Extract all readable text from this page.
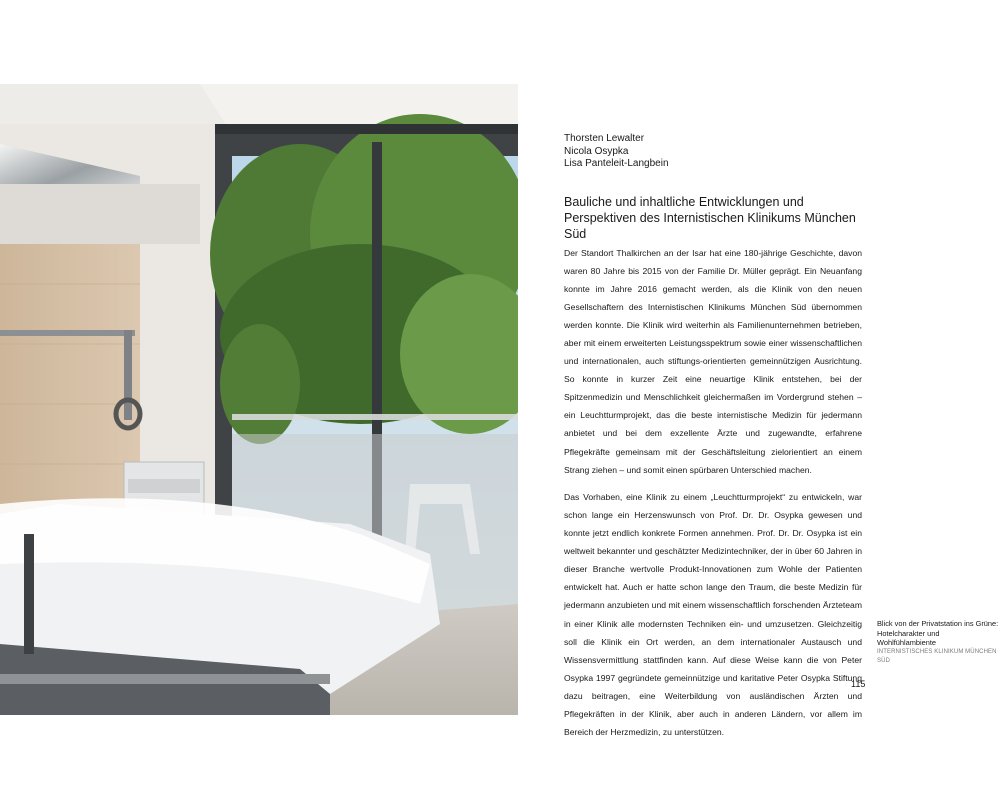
Thorsten Lewalter
Nicola Osypka
Lisa Panteleit-Langbein
Bauliche und inhaltliche Entwicklungen und Perspektiven des Internistischen Klinikums München Süd

Der Standort Thalkirchen an der Isar hat eine 180-jährige Geschichte, davon waren 80 Jahre bis 2015 von der Familie Dr. Müller geprägt. Ein Neuanfang konnte im Jahre 2016 gemacht werden, als die Klinik von den neuen Gesellschaftern des Internistischen Klinikums München Süd übernommen werden konnte. Die Klinik wird weiterhin als Familienunternehmen betrieben, aber mit einem erweiterten Leistungsspektrum sowie einer wissenschaftlichen und internationalen, auch stiftungs-orientierten gemeinnützigen Ausrichtung. So konnte in kurzer Zeit eine neuartige Klinik entstehen, bei der Spitzenmedizin und Menschlichkeit gleichermaßen im Vordergrund stehen – ein Leuchtturmprojekt, das die beste internistische Medizin für jedermann anbietet und bei dem exzellente Ärzte und zugewandte, erfahrene Pflegekräfte gemeinsam mit der Geschäftsleitung zielorientiert an einem Strang ziehen – und somit einen spürbaren Unterschied machen.

Das Vorhaben, eine Klinik zu einem „Leuchtturmprojekt“ zu entwickeln, war schon lange ein Herzenswunsch von Prof. Dr. Dr. Osypka gewesen und konnte jetzt endlich konkrete Formen annehmen. Prof. Dr. Dr. Osypka ist ein weltweit bekannter und geschätzter Medizintechniker, der in über 60 Jahren in dieser Branche wertvolle Produkt-Innovationen zum Wohle der Patienten entwickelt hat. Auch er hatte schon lange den Traum, die beste Medizin für jedermann anzubieten und mit einem wissenschaftlich forschenden Ärzteteam in einer Klinik alle modernsten Techniken ein- und umzusetzen. Gleichzeitig soll die Klinik ein Ort werden, an dem internationaler Austausch und Wissensvermittlung stattfinden kann. Auf diese Weise kann die von Peter Osypka 1997 gegründete gemeinnützige und karitative Peter Osypka Stiftung dazu beitragen, eine Weiterbildung von ausländischen Ärzten und Pflegekräften in der Klinik, aber auch in anderen Ländern, vor allem im Bereich der Herzmedizin, zu unterstützen.

Blick von der Privatstation ins Grüne: Hotelcharakter und Wohlfühlambiente
INTERNISTISCHES KLINIKUM MÜNCHEN SÜD
115
